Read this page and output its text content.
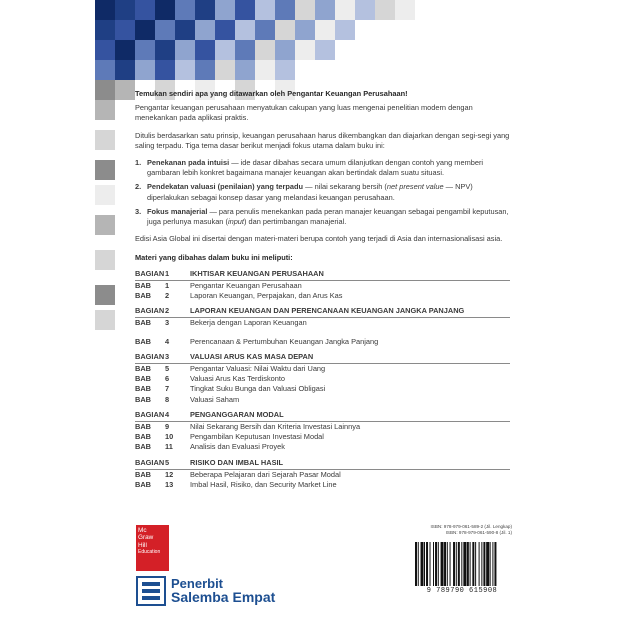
Temukan sendiri apa yang ditawarkan oleh Pengantar Keuangan Perusahaan!
Pengantar keuangan perusahaan menyatukan cakupan yang luas mengenai penelitian modern dengan menekankan pada aplikasi praktis.
Ditulis berdasarkan satu prinsip, keuangan perusahaan harus dikembangkan dan diajarkan dengan segi-segi yang saling terpadu. Tiga tema dasar berikut menjadi fokus utama dalam buku ini:
1. Penekanan pada intuisi — ide dasar dibahas secara umum dilanjutkan dengan contoh yang memberi gambaran lebih konkret bagaimana manajer keuangan akan bertindak dalam suatu situasi.
2. Pendekatan valuasi (penilaian) yang terpadu — nilai sekarang bersih (net present value — NPV) diperlakukan sebagai konsep dasar yang melandasi keuangan perusahaan.
3. Fokus manajerial — para penulis menekankan pada peran manajer keuangan sebagai pengambil keputusan, juga perlunya masukan (input) dan pertimbangan manajerial.
Edisi Asia Global ini disertai dengan materi-materi berupa contoh yang terjadi di Asia dan internasionalisasi asia.
Materi yang dibahas dalam buku ini meliputi:
BAGIAN 1	IKHTISAR KEUANGAN PERUSAHAAN
BAB	1	Pengantar Keuangan Perusahaan
BAB	2	Laporan Keuangan, Perpajakan, dan Arus Kas
BAGIAN 2	LAPORAN KEUANGAN DAN PERENCANAAN KEUANGAN JANGKA PANJANG
BAB	3	Bekerja dengan Laporan Keuangan
BAB	4	Perencanaan & Pertumbuhan Keuangan Jangka Panjang
BAGIAN 3	VALUASI ARUS KAS MASA DEPAN
BAB	5	Pengantar Valuasi: Nilai Waktu dari Uang
BAB	6	Valuasi Arus Kas Terdiskonto
BAB	7	Tingkat Suku Bunga dan Valuasi Obligasi
BAB	8	Valuasi Saham
BAGIAN 4	PENGANGGARAN MODAL
BAB	9	Nilai Sekarang Bersih dan Kriteria Investasi Lainnya
BAB	10	Pengambilan Keputusan Investasi Modal
BAB	11	Analisis dan Evaluasi Proyek
BAGIAN 5	RISIKO DAN IMBAL HASIL
BAB	12	Beberapa Pelajaran dari Sejarah Pasar Modal
BAB	13	Imbal Hasil, Risiko, dan Security Market Line
Mc
Graw
Hill
Education
Penerbit
Salemba Empat
ISBN: 978-979-061-589-2 (Jil. Lengkap)
ISBN: 978-979-061-590-8 (Jil. 1)
9 789790 615908
